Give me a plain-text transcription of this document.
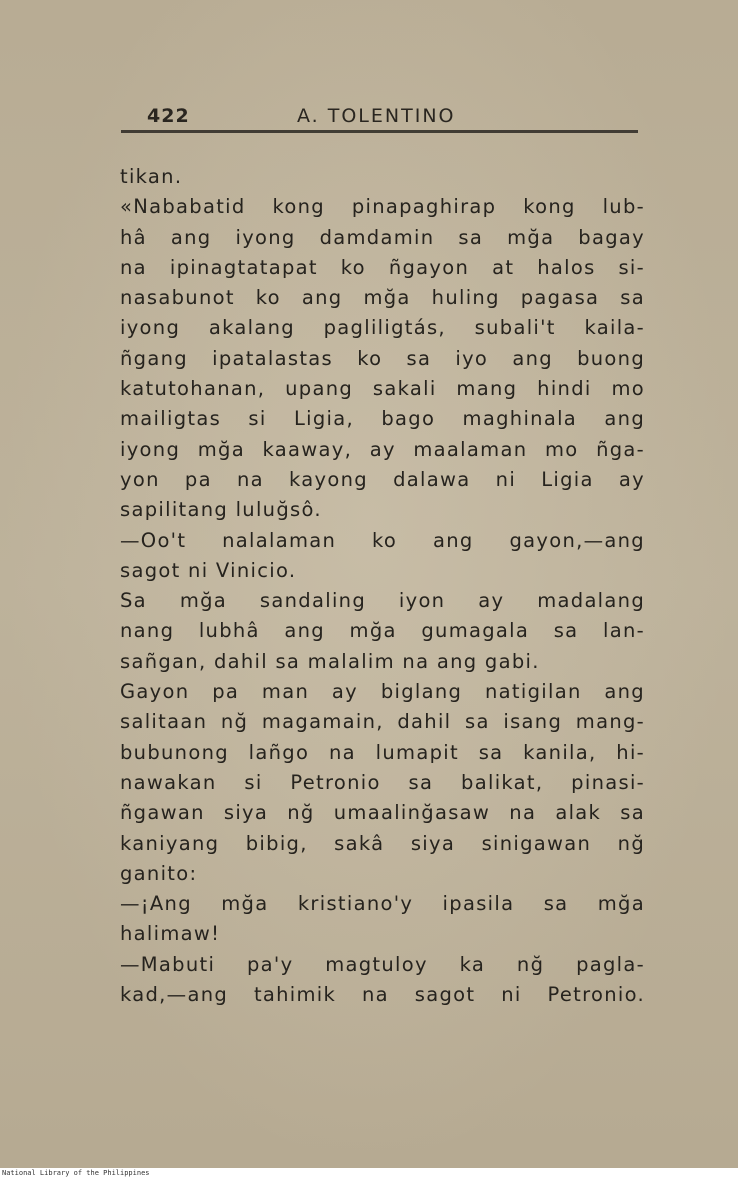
422	A. TOLENTINO
tikan.
«Nababatid kong pinapaghirap kong lub-
hâ ang iyong damdamin sa mğa bagay
na ipinagtatapat ko ñgayon at halos si-
nasabunot ko ang mğa huling pagasa sa
iyong akalang pagliligtás, subali't kaila-
ñgang ipatalastas ko sa iyo ang buong
katutohanan, upang sakali mang hindi mo
mailigtas si Ligia, bago maghinala ang
iyong mğa kaaway, ay maalaman mo ñga-
yon pa na kayong dalawa ni Ligia ay
sapilitang luluğsô.
—Oo't nalalaman ko ang gayon,—ang
sagot ni Vinicio.
Sa mğa sandaling iyon ay madalang
nang lubhâ ang mğa gumagala sa lan-
sañgan, dahil sa malalim na ang gabi.
Gayon pa man ay biglang natigilan ang
salitaan nğ magamain, dahil sa isang mang-
bubunong lañgo na lumapit sa kanila, hi-
nawakan si Petronio sa balikat, pinasi-
ñgawan siya nğ umaalinğasaw na alak sa
kaniyang bibig, sakâ siya sinigawan nğ
ganito:
—¡Ang mğa kristiano'y ipasila sa mğa
halimaw!
—Mabuti pa'y magtuloy ka nğ pagla-
kad,—ang tahimik na sagot ni Petronio.
National Library of the Philippines
